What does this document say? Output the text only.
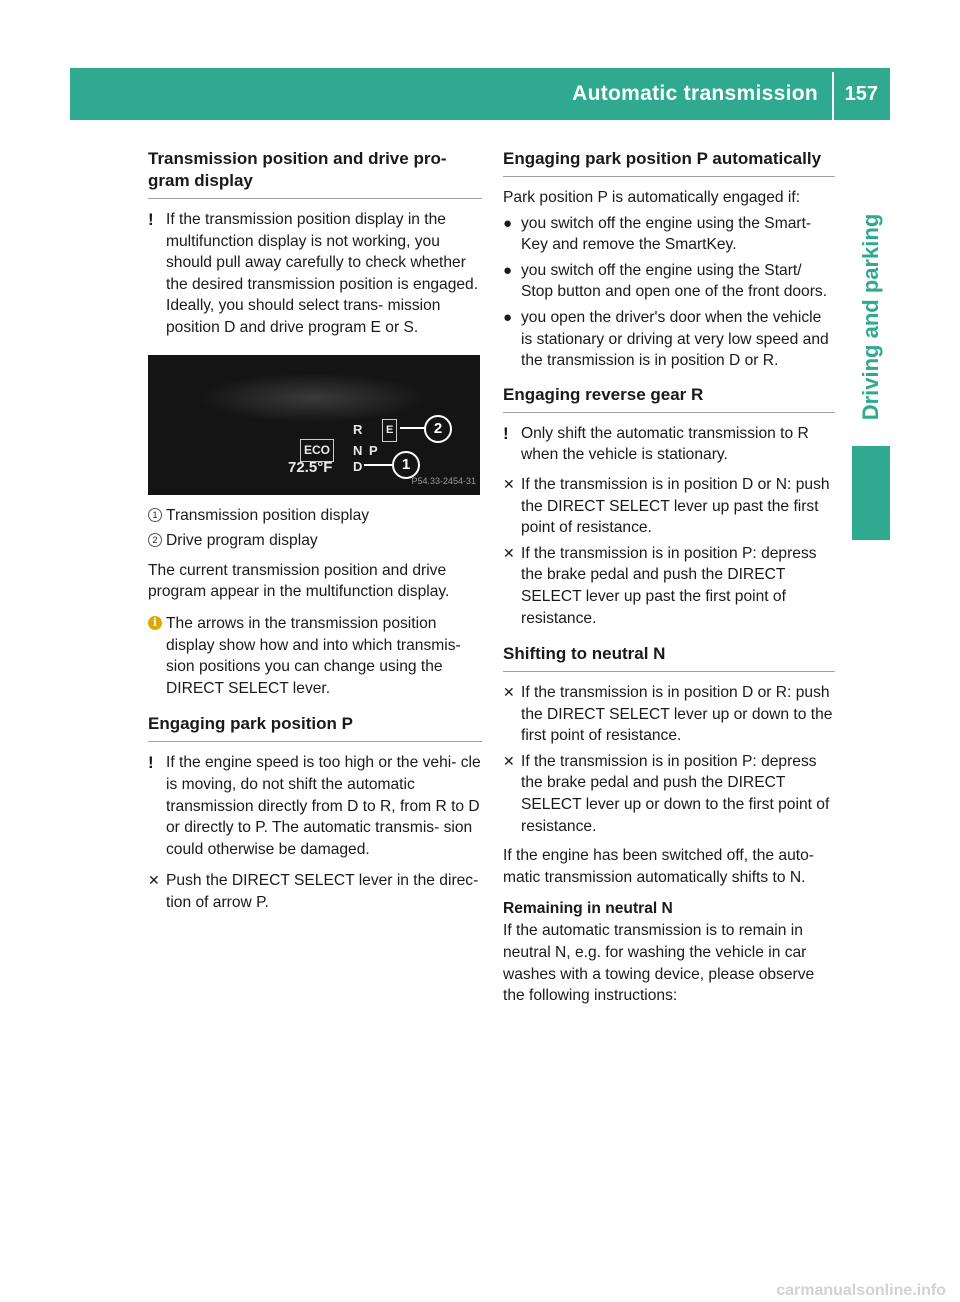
Automatic transmission 157
Driving and parking
Transmission position and drive pro- gram display
! If the transmission position display in the multifunction display is not working, you should pull away carefully to check whether the desired transmission position is engaged. Ideally, you should select trans- mission position D and drive program E or S.
ECO
72.5°F
R
N P
D
E	2
1
P54.33-2454-31
1 Transmission position display
2 Drive program display

The current transmission position and drive program appear in the multifunction display.

i The arrows in the transmission position display show how and into which transmis- sion positions you can change using the DIRECT SELECT lever.
Engaging park position P
! If the engine speed is too high or the vehi- cle is moving, do not shift the automatic transmission directly from D to R, from R to D or directly to P. The automatic transmis- sion could otherwise be damaged.
✕ Push the DIRECT SELECT lever in the direc- tion of arrow P.
Engaging park position P automatically

Park position P is automatically engaged if:

● you switch off the engine using the Smart- Key and remove the SmartKey.
● you switch off the engine using the Start/ Stop button and open one of the front doors.
● you open the driver's door when the vehicle is stationary or driving at very low speed and the transmission is in position D or R.
Engaging reverse gear R
! Only shift the automatic transmission to R when the vehicle is stationary.
✕ If the transmission is in position D or N: push the DIRECT SELECT lever up past the first point of resistance.
✕ If the transmission is in position P: depress the brake pedal and push the DIRECT SELECT lever up past the first point of resistance.
Shifting to neutral N
✕ If the transmission is in position D or R: push the DIRECT SELECT lever up or down to the first point of resistance.
✕ If the transmission is in position P: depress the brake pedal and push the DIRECT SELECT lever up or down to the first point of resistance.

If the engine has been switched off, the auto- matic transmission automatically shifts to N.

Remaining in neutral N

If the automatic transmission is to remain in neutral N, e.g. for washing the vehicle in car washes with a towing device, please observe the following instructions:

carmanualsonline.info
